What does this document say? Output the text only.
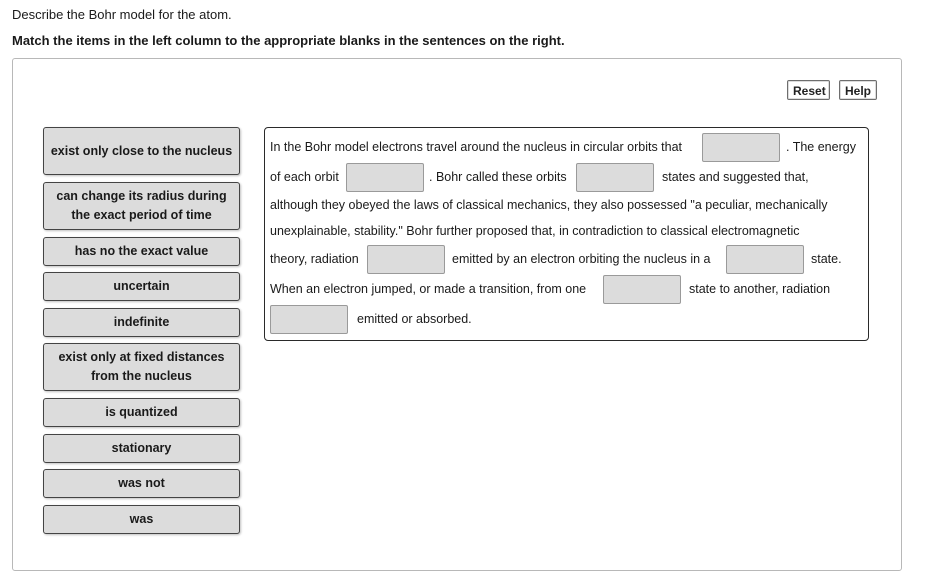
Describe the Bohr model for the atom.
Match the items in the left column to the appropriate blanks in the sentences on the right.
Reset	Help
exist only close to the nucleus
can change its radius during the exact period of time
has no the exact value
uncertain
indefinite
exist only at fixed distances from the nucleus
is quantized
stationary
was not
was
In the Bohr model electrons travel around the nucleus in circular orbits that	. The energy
of each orbit	. Bohr called these orbits	states and suggested that,
although they obeyed the laws of classical mechanics, they also possessed "a peculiar, mechanically
unexplainable, stability." Bohr further proposed that, in contradiction to classical electromagnetic
theory, radiation	emitted by an electron orbiting the nucleus in a	state.
When an electron jumped, or made a transition, from one	state to another, radiation
emitted or absorbed.
